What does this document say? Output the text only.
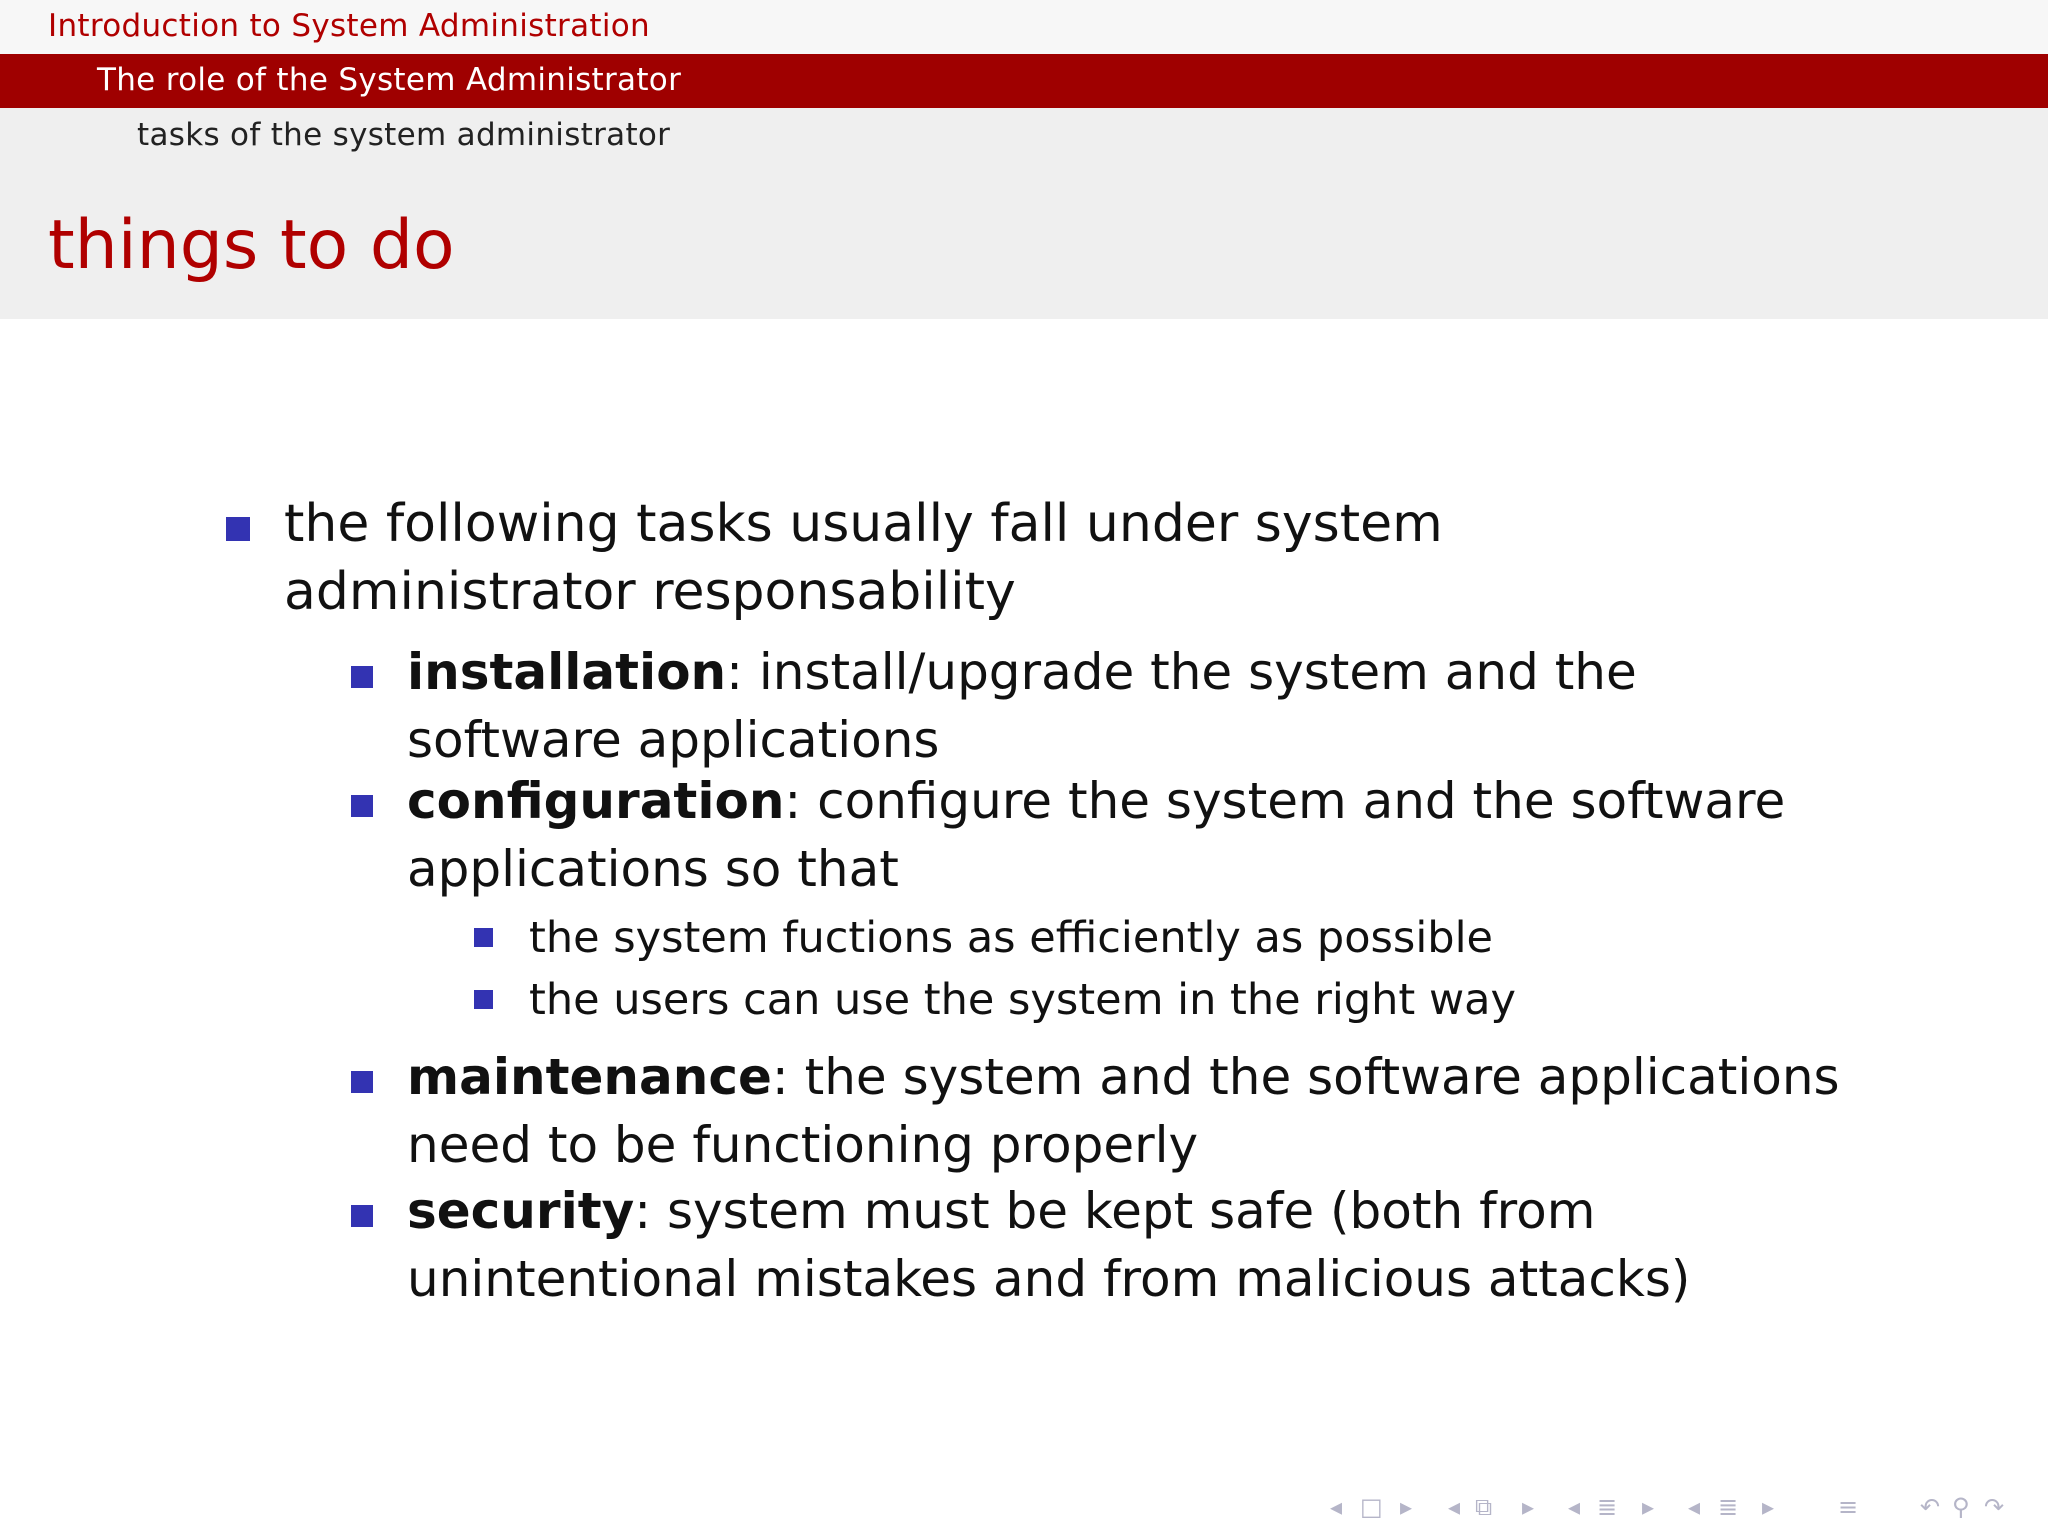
Introduction to System Administration
The role of the System Administrator
tasks of the system administrator
things to do
the following tasks usually fall under system administrator responsability
installation: install/upgrade the system and the software applications
configuration: configure the system and the software applications so that
the system fuctions as efficiently as possible
the users can use the system in the right way
maintenance: the system and the software applications need to be functioning properly
security: system must be kept safe (both from unintentional mistakes and from malicious attacks)
◂ □ ▸ ◂ ⧉ ▸ ◂ ≣ ▸ ◂ ≣ ▸	≡	↶ ⚲ ↷
